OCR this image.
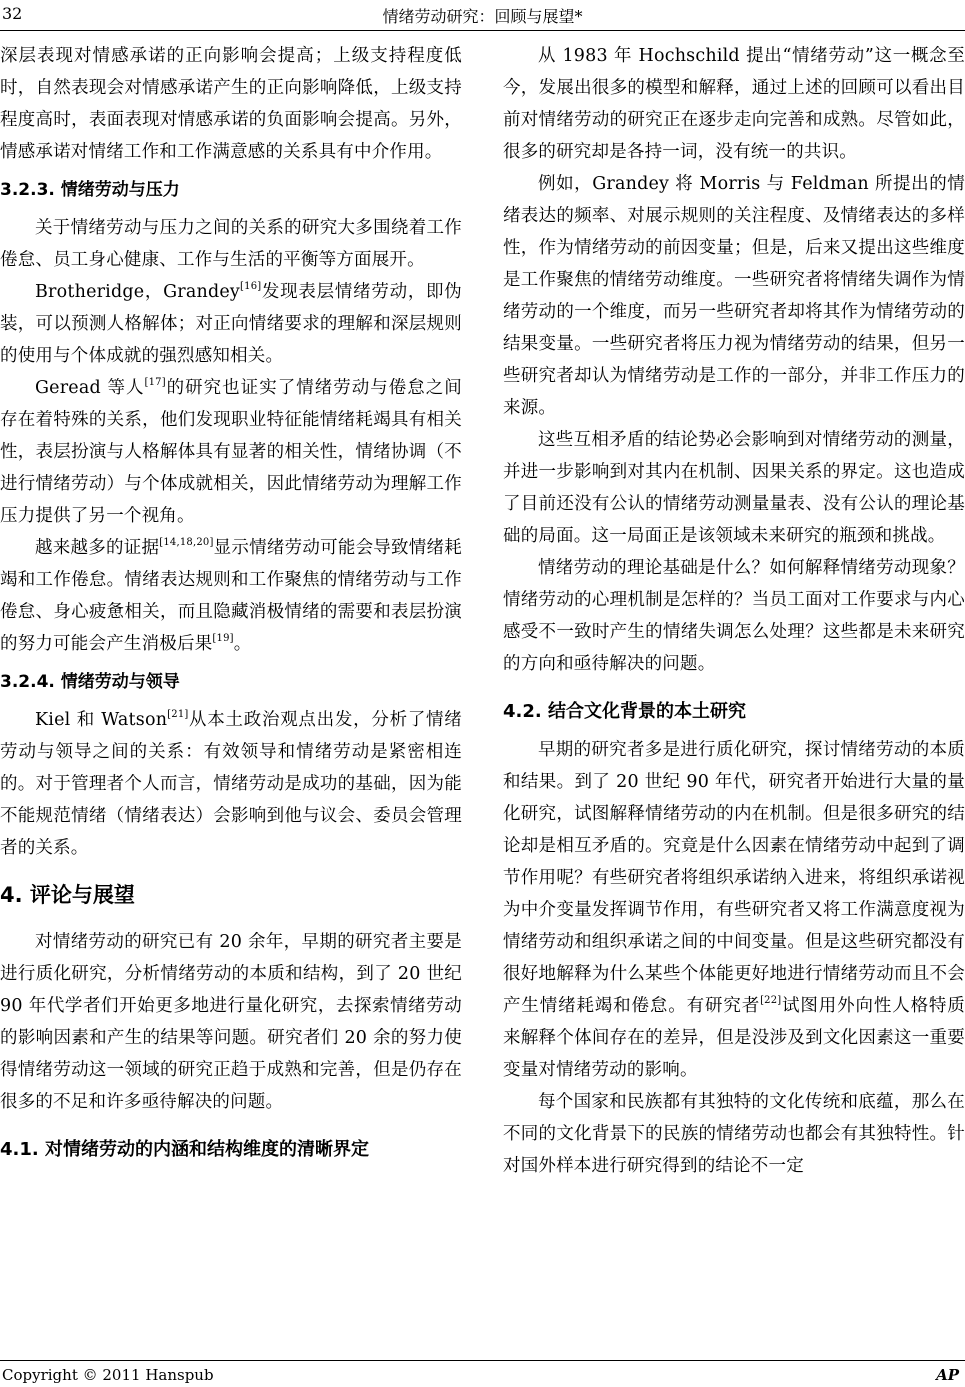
32	情绪劳动研究：回顾与展望*

深层表现对情感承诺的正向影响会提高；上级支持程度低时，自然表现会对情感承诺产生的正向影响降低，上级支持程度高时，表面表现对情感承诺的负面影响会提高。另外，情感承诺对情绪工作和工作满意感的关系具有中介作用。

3.2.3. 情绪劳动与压力

关于情绪劳动与压力之间的关系的研究大多围绕着工作倦怠、员工身心健康、工作与生活的平衡等方面展开。

Brotheridge，Grandey[16]发现表层情绪劳动，即伪装，可以预测人格解体；对正向情绪要求的理解和深层规则的使用与个体成就的强烈感知相关。

Geread 等人[17]的研究也证实了情绪劳动与倦怠之间存在着特殊的关系，他们发现职业特征能情绪耗竭具有相关性，表层扮演与人格解体具有显著的相关性，情绪协调（不进行情绪劳动）与个体成就相关，因此情绪劳动为理解工作压力提供了另一个视角。

越来越多的证据[14,18,20]显示情绪劳动可能会导致情绪耗竭和工作倦怠。情绪表达规则和工作聚焦的情绪劳动与工作倦怠、身心疲惫相关，而且隐藏消极情绪的需要和表层扮演的努力可能会产生消极后果[19]。

3.2.4. 情绪劳动与领导

Kiel 和 Watson[21]从本土政治观点出发，分析了情绪劳动与领导之间的关系：有效领导和情绪劳动是紧密相连的。对于管理者个人而言，情绪劳动是成功的基础，因为能不能规范情绪（情绪表达）会影响到他与议会、委员会管理者的关系。

4. 评论与展望

对情绪劳动的研究已有 20 余年，早期的研究者主要是进行质化研究，分析情绪劳动的本质和结构，到了 20 世纪 90 年代学者们开始更多地进行量化研究，去探索情绪劳动的影响因素和产生的结果等问题。研究者们 20 余的努力使得情绪劳动这一领域的研究正趋于成熟和完善，但是仍存在很多的不足和许多亟待解决的问题。

4.1. 对情绪劳动的内涵和结构维度的清晰界定

从 1983 年 Hochschild 提出“情绪劳动”这一概念至今，发展出很多的模型和解释，通过上述的回顾可以看出目前对情绪劳动的研究正在逐步走向完善和成熟。尽管如此，很多的研究却是各持一词，没有统一的共识。

例如，Grandey 将 Morris 与 Feldman 所提出的情绪表达的频率、对展示规则的关注程度、及情绪表达的多样性，作为情绪劳动的前因变量；但是，后来又提出这些维度是工作聚焦的情绪劳动维度。一些研究者将情绪失调作为情绪劳动的一个维度，而另一些研究者却将其作为情绪劳动的结果变量。一些研究者将压力视为情绪劳动的结果，但另一些研究者却认为情绪劳动是工作的一部分，并非工作压力的来源。

这些互相矛盾的结论势必会影响到对情绪劳动的测量，并进一步影响到对其内在机制、因果关系的界定。这也造成了目前还没有公认的情绪劳动测量量表、没有公认的理论基础的局面。这一局面正是该领域未来研究的瓶颈和挑战。

情绪劳动的理论基础是什么？如何解释情绪劳动现象？情绪劳动的心理机制是怎样的？当员工面对工作要求与内心感受不一致时产生的情绪失调怎么处理？这些都是未来研究的方向和亟待解决的问题。

4.2. 结合文化背景的本土研究

早期的研究者多是进行质化研究，探讨情绪劳动的本质和结果。到了 20 世纪 90 年代，研究者开始进行大量的量化研究，试图解释情绪劳动的内在机制。但是很多研究的结论却是相互矛盾的。究竟是什么因素在情绪劳动中起到了调节作用呢？有些研究者将组织承诺纳入进来，将组织承诺视为中介变量发挥调节作用，有些研究者又将工作满意度视为情绪劳动和组织承诺之间的中间变量。但是这些研究都没有很好地解释为什么某些个体能更好地进行情绪劳动而且不会产生情绪耗竭和倦怠。有研究者[22]试图用外向性人格特质来解释个体间存在的差异，但是没涉及到文化因素这一重要变量对情绪劳动的影响。

每个国家和民族都有其独特的文化传统和底蕴，那么在不同的文化背景下的民族的情绪劳动也都会有其独特性。针对国外样本进行研究得到的结论不一定

Copyright © 2011 Hanspub	AP
